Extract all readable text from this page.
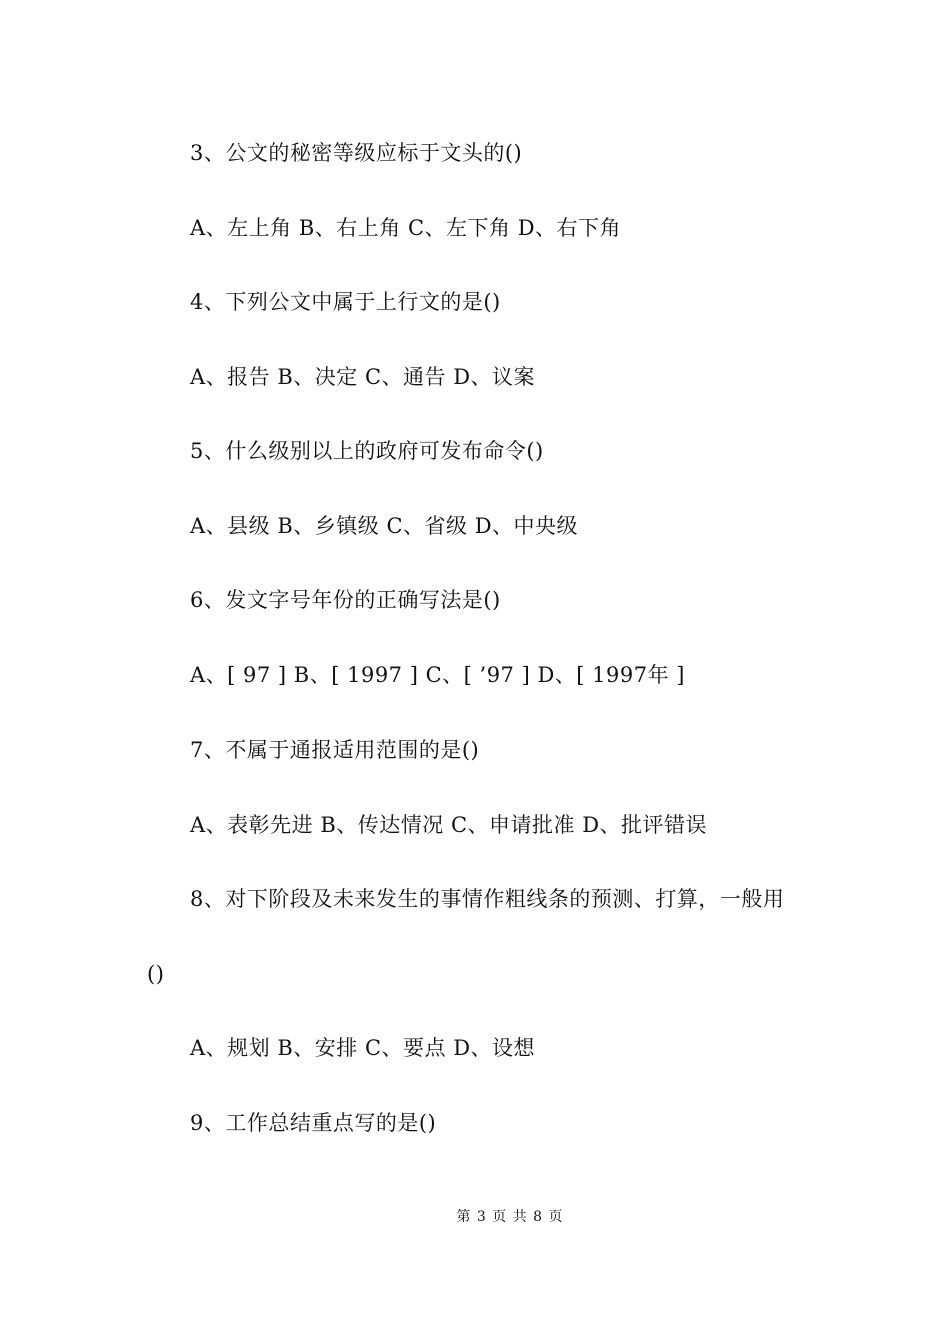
3、公文的秘密等级应标于文头的()
A、左上角 B、右上角 C、左下角 D、右下角
4、下列公文中属于上行文的是()
A、报告 B、决定 C、通告 D、议案
5、什么级别以上的政府可发布命令()
A、县级 B、乡镇级 C、省级 D、中央级
6、发文字号年份的正确写法是()
A、[ 97 ] B、[ 1997 ] C、[ ’97 ] D、[ 1997年 ]
7、不属于通报适用范围的是()
A、表彰先进 B、传达情况 C、申请批准 D、批评错误
8、对下阶段及未来发生的事情作粗线条的预测、打算，一般用
()
A、规划 B、安排 C、要点 D、设想
9、工作总结重点写的是()
第 3 页 共 8 页
